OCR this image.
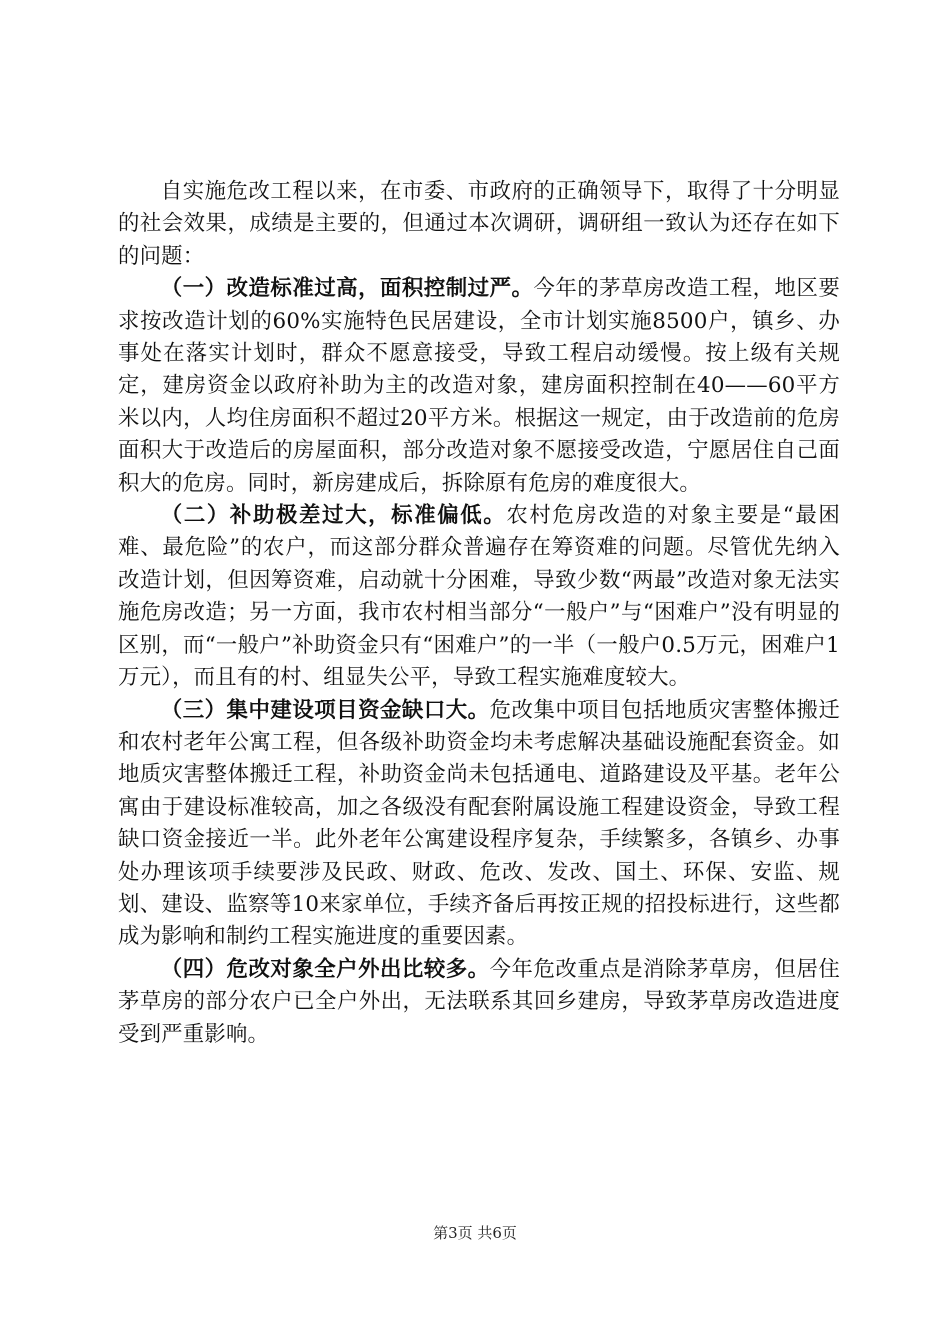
自实施危改工程以来，在市委、市政府的正确领导下，取得了十分明显的社会效果，成绩是主要的，但通过本次调研，调研组一致认为还存在如下的问题：

（一）改造标准过高，面积控制过严。今年的茅草房改造工程，地区要求按改造计划的60%实施特色民居建设，全市计划实施8500户，镇乡、办事处在落实计划时，群众不愿意接受，导致工程启动缓慢。按上级有关规定，建房资金以政府补助为主的改造对象，建房面积控制在40——60平方米以内，人均住房面积不超过20平方米。根据这一规定，由于改造前的危房面积大于改造后的房屋面积，部分改造对象不愿接受改造，宁愿居住自己面积大的危房。同时，新房建成后，拆除原有危房的难度很大。

（二）补助极差过大，标准偏低。农村危房改造的对象主要是“最困难、最危险”的农户，而这部分群众普遍存在筹资难的问题。尽管优先纳入改造计划，但因筹资难，启动就十分困难，导致少数“两最”改造对象无法实施危房改造；另一方面，我市农村相当部分“一般户”与“困难户”没有明显的区别，而“一般户”补助资金只有“困难户”的一半（一般户0.5万元，困难户1万元），而且有的村、组显失公平，导致工程实施难度较大。

（三）集中建设项目资金缺口大。危改集中项目包括地质灾害整体搬迁和农村老年公寓工程，但各级补助资金均未考虑解决基础设施配套资金。如地质灾害整体搬迁工程，补助资金尚未包括通电、道路建设及平基。老年公寓由于建设标准较高，加之各级没有配套附属设施工程建设资金，导致工程缺口资金接近一半。此外老年公寓建设程序复杂，手续繁多，各镇乡、办事处办理该项手续要涉及民政、财政、危改、发改、国土、环保、安监、规划、建设、监察等10来家单位，手续齐备后再按正规的招投标进行，这些都成为影响和制约工程实施进度的重要因素。

（四）危改对象全户外出比较多。今年危改重点是消除茅草房，但居住茅草房的部分农户已全户外出，无法联系其回乡建房，导致茅草房改造进度受到严重影响。

第3页 共6页
